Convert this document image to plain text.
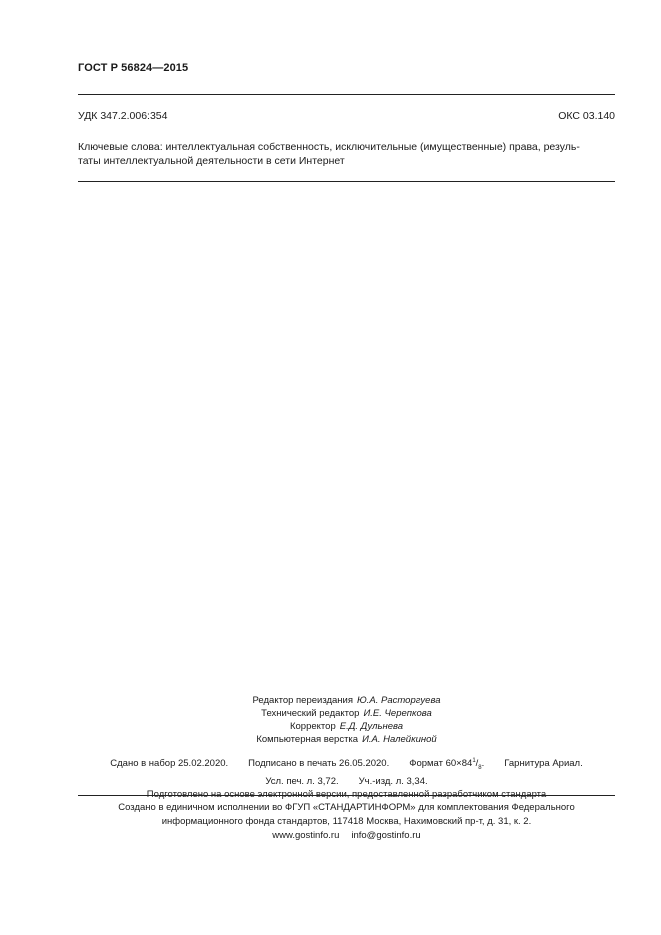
ГОСТ Р 56824—2015
УДК 347.2.006:354	ОКС 03.140
Ключевые слова: интеллектуальная собственность, исключительные (имущественные) права, резуль-
таты интеллектуальной деятельности в сети Интернет
Редактор переиздания Ю.А. Расторгуева
Технический редактор И.Е. Черепкова
Корректор Е.Д. Дульнева
Компьютерная верстка И.А. Налейкиной
Сдано в набор 25.02.2020. Подписано в печать 26.05.2020. Формат $60\times 84^1/_8$. Гарнитура Ариал.
Усл. печ. л. 3,72. Уч.-изд. л. 3,34.
Подготовлено на основе электронной версии, предоставленной разработчиком стандарта
Создано в единичном исполнении во ФГУП «СТАНДАРТИНФОРМ» для комплектования Федерального
информационного фонда стандартов, 117418 Москва, Нахимовский пр-т, д. 31, к. 2.
www.gostinfo.ru info@gostinfo.ru
